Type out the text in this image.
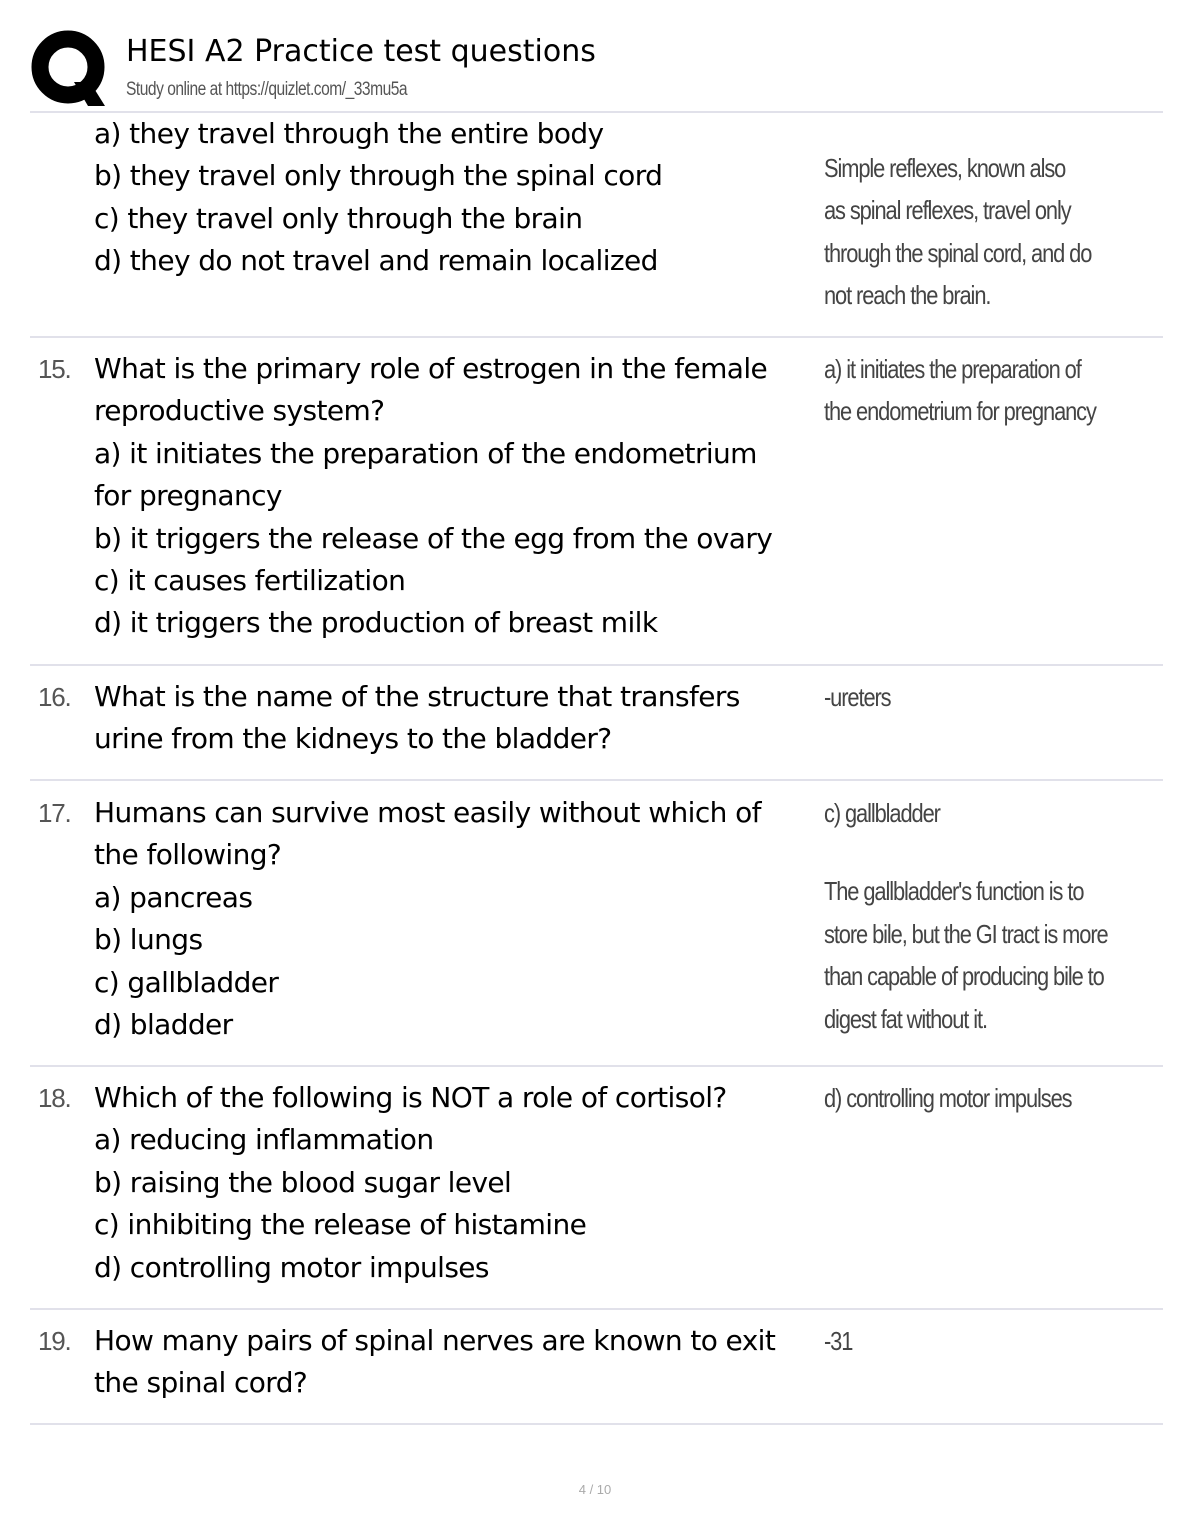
HESI A2 Practice test questions
Study online at https://quizlet.com/_33mu5a
a) they travel through the entire body
b) they travel only through the spinal cord
c) they travel only through the brain
d) they do not travel and remain localized
Simple reflexes, known also
as spinal reflexes, travel only
through the spinal cord, and do
not reach the brain.
15. What is the primary role of estrogen in the female
reproductive system?
a) it initiates the preparation of the endometrium
for pregnancy
b) it triggers the release of the egg from the ovary
c) it causes fertilization
d) it triggers the production of breast milk
a) it initiates the preparation of
the endometrium for pregnancy
16. What is the name of the structure that transfers
urine from the kidneys to the bladder?
-ureters
17. Humans can survive most easily without which of
the following?
a) pancreas
b) lungs
c) gallbladder
d) bladder
c) gallbladder
The gallbladder's function is to
store bile, but the GI tract is more
than capable of producing bile to
digest fat without it.
18. Which of the following is NOT a role of cortisol?
a) reducing inflammation
b) raising the blood sugar level
c) inhibiting the release of histamine
d) controlling motor impulses
d) controlling motor impulses
19. How many pairs of spinal nerves are known to exit
the spinal cord?
-31
4 / 10
